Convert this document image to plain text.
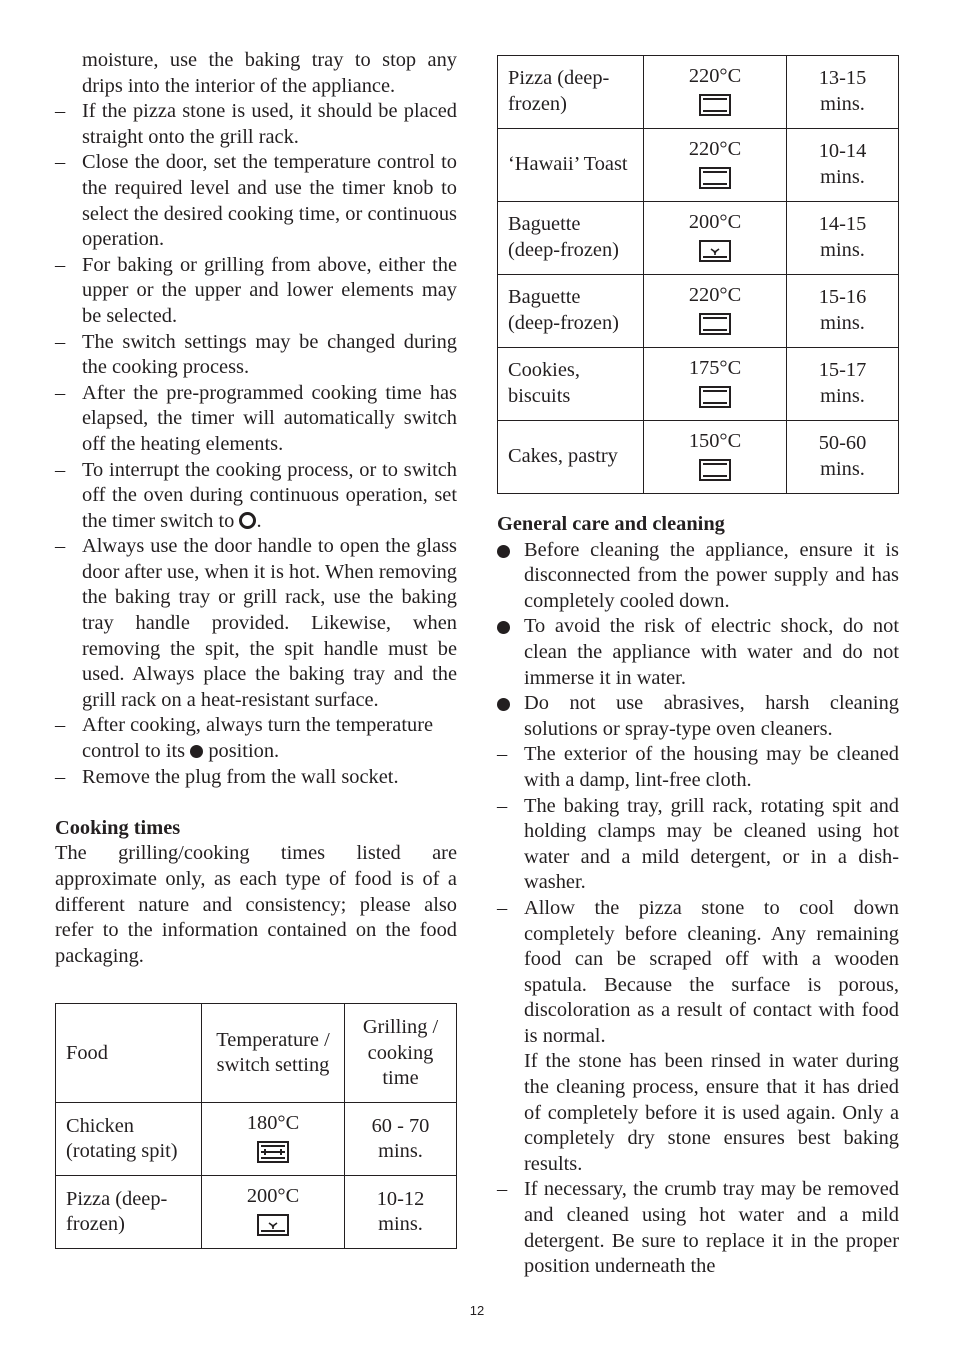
moisture, use the baking tray to stop any drips into the interior of the appliance.
– If the pizza stone is used, it should be placed straight onto the grill rack.
– Close the door, set the temperature control to the required level and use the timer knob to select the desired cooking time, or continuous operation.
– For baking or grilling from above, either the upper or the upper and lower elements may be selected.
– The switch settings may be changed during the cooking process.
– After the pre-programmed cooking time has elapsed, the timer will automatically switch off the heating elements.
– To interrupt the cooking process, or to switch off the oven during continuous operation, set the timer switch to .
– Always use the door handle to open the glass door after use, when it is hot. When removing the baking tray or grill rack, use the baking tray handle provided. Likewise, when removing the spit, the spit handle must be used. Always place the baking tray and the grill rack on a heat-resistant surface.
– After cooking, always turn the temperature control to its position.
– Remove the plug from the wall socket.
Cooking times
The grilling/cooking times listed are approximate only, as each type of food is of a different nature and consistency; please also refer to the information contained on the food packaging.
Food	Temperature / switch setting	Grilling / cooking time
Chicken (rotating spit)	180°C	60 - 70 mins.
Pizza (deep-frozen)	200°C	10-12 mins.
Pizza (deep-frozen)	220°C	13-15 mins.
‘Hawaii’ Toast	220°C	10-14 mins.
Baguette (deep-frozen)	200°C	14-15 mins.
Baguette (deep-frozen)	220°C	15-16 mins.
Cookies, biscuits	175°C	15-17 mins.
Cakes, pastry	150°C	50-60 mins.
General care and cleaning
Before cleaning the appliance, ensure it is disconnected from the power supply and has completely cooled down.
To avoid the risk of electric shock, do not clean the appliance with water and do not immerse it in water.
Do not use abrasives, harsh cleaning solutions or spray-type oven cleaners.
– The exterior of the housing may be cleaned with a damp, lint-free cloth.
– The baking tray, grill rack, rotating spit and holding clamps may be cleaned using hot water and a mild detergent, or in a dish-washer.
– Allow the pizza stone to cool down completely before cleaning. Any remaining food can be scraped off with a wooden spatula. Because the surface is porous, discoloration as a result of contact with food is normal.
If the stone has been rinsed in water during the cleaning process, ensure that it has dried of completely before it is used again. Only a completely dry stone ensures best baking results.
– If necessary, the crumb tray may be removed and cleaned using hot water and a mild detergent. Be sure to replace it in the proper position underneath the
12
